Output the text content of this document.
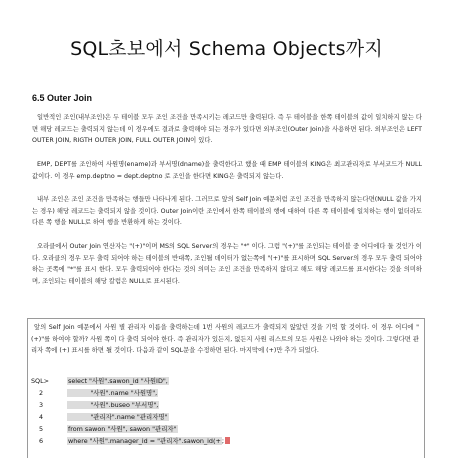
SQL초보에서 Schema Objects까지
6.5 Outer Join
일반적인 조인(내부조인)은 두 테이블 모두 조인 조건을 만족시키는 레코드만 출력된다. 즉 두 테이블을 한쪽 테이블의 값이 일치하지 않는 다면 해당 레코드는 출력되지 않는데 이 경우에도 결과로 출력해야 되는 경우가 있다면 외부조인(Outer Join)을 사용하면 된다. 외부조인은 LEFT OUTER JOIN, RIGTH OUTER JOIN, FULL OUTER JOIN이 있다.
EMP, DEPT를 조인하여 사원명(ename)과 부서명(dname)을 출력한다고 했을 때 EMP 테이블의 KING은 최고관리자로 부서코드가 NULL 값이다. 이 경우 emp.deptno = dept.deptno 로 조인을 한다면 KING은 출력되지 않는다.
내부 조인은 조인 조건을 만족하는 행들만 나타나게 된다. 그러므로 앞의 Self Join 예문처럼 조인 조건을 만족하지 않는다면(NULL 값을 가지는 경우) 해당 레코드는 출력되지 않을 것이다. Outer Join이란 조인에서 한쪽 테이블의 행에 대하여 다른 쪽 테이블에 일치하는 행이 없더라도 다른 쪽 행을 NULL로 하여 행을 반환하게 하는 것이다.
오라클에서 Outer Join 연산자는 "(+)"이며 MS의 SQL Server의 경우는 "*" 이다. 그럼 "(+)"를 조인되는 테이블 중 어디에다 둘 것인가 이다. 오라클의 경우 모두 출력 되어야 하는 테이블의 반대쪽, 조인될 데이터가 없는쪽에 "(+)"를 표시하며 SQL Server의 경우 모두 출력 되어야 하는 곳쪽에 "*"를 표시 한다. 모두 출력되어야 한다는 것의 의미는 조인 조건을 만족하지 않더고 해도 해당 레코드를 표시한다는 것을 의미하며, 조인되는 테이블의 해당 칼럼은 NULL로 표시된다.
앞의 Self Join 예문에서 사원 별 관리자 이름을 출력하는데 1번 사원의 레코드가 출력되지 않았던 것을 기억 할 것이다. 이 경우 어디에 "(+)"를 하여야 할까? 사원 쪽이 다 출력 되어야 한다. 즉 관리자가 있든지, 없든지 사원 리스트의 모든 사원은 나와야 하는 것이다. 그렇다면 관리자 쪽에 (+) 표시를 하면 될 것이다. 다음과 같이 SQL문을 수정하면 된다. 마지막에 (+)만 추가 되었다.
SQL>	select "사원".sawon_id "사원ID",
2	"사원".name "사원명",
3	"사원".buseo "부서명",
4	"관리자".name "관리자명"
5	from sawon "사원", sawon "관리자"
6	where "사원".manager_id = "관리자".sawon_id(+;
